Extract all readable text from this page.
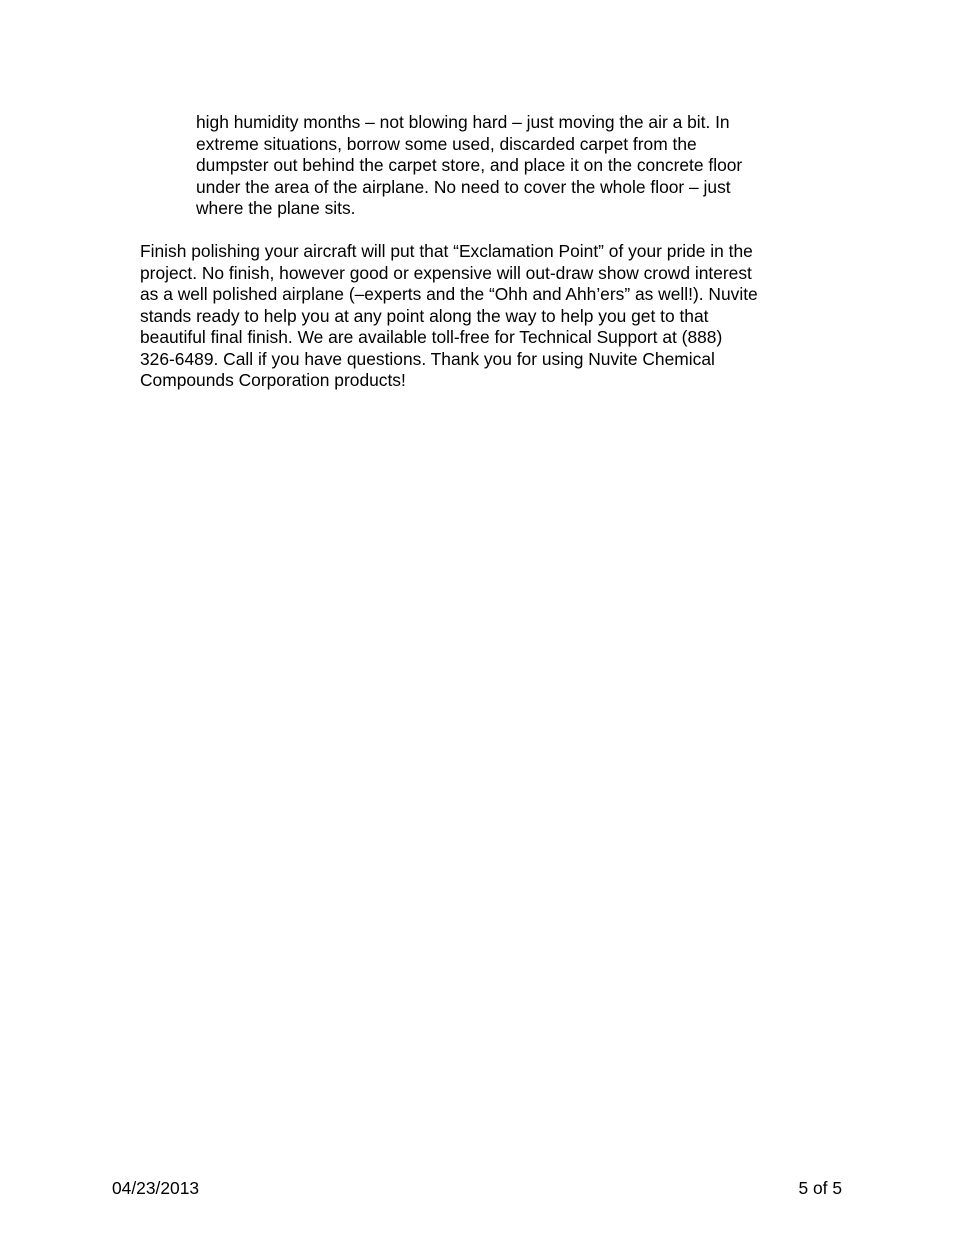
high humidity months – not blowing hard – just moving the air a bit. In
extreme situations, borrow some used, discarded carpet from the
dumpster out behind the carpet store, and place it on the concrete floor
under the area of the airplane. No need to cover the whole floor – just
where the plane sits.
Finish polishing your aircraft will put that “Exclamation Point” of your pride in the
project. No finish, however good or expensive will out-draw show crowd interest
as a well polished airplane (–experts and the “Ohh and Ahh’ers” as well!). Nuvite
stands ready to help you at any point along the way to help you get to that
beautiful final finish. We are available toll-free for Technical Support at (888)
326-6489. Call if you have questions. Thank you for using Nuvite Chemical
Compounds Corporation products!
04/23/2013	5 of 5
